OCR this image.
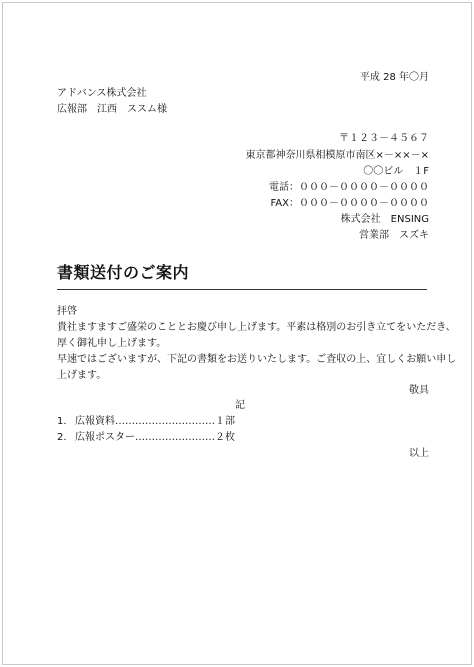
平成 28 年〇月
アドバンス株式会社
広報部　江西　ススム様
〒１２３－４５６７
東京都神奈川県相模原市南区×－××－×
〇〇ビル　１F
電話：０００－００００－００００
FAX：０００－００００－００００
株式会社　ENSING
営業部　スズキ
書類送付のご案内
拝啓
貴社ますますご盛栄のこととお慶び申し上げます。平素は格別のお引き立てをいただき、
厚く御礼申し上げます。
早速ではございますが、下記の書類をお送りいたします。ご査収の上、宜しくお願い申し
上げます。
敬具
記
1. 広報資料…………………………１部
2. 広報ポスター……………………２枚
以上
